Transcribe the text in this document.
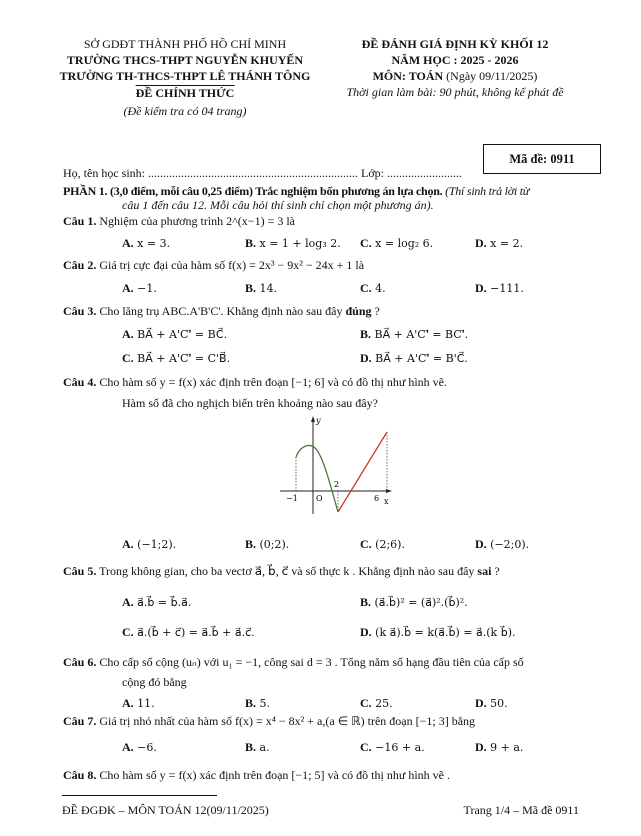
SỞ GDĐT THÀNH PHỐ HỒ CHÍ MINH
TRƯỜNG THCS-THPT NGUYỄN KHUYẾN
TRƯỜNG TH-THCS-THPT LÊ THÁNH TÔNG
ĐỀ CHÍNH THỨC
(Đề kiểm tra có 04 trang)
ĐỀ ĐÁNH GIÁ ĐỊNH KỲ KHỐI 12
NĂM HỌC : 2025 - 2026
MÔN: TOÁN (Ngày 09/11/2025)
Thời gian làm bài: 90 phút, không kể phát đề
Mã đề: 0911
Họ, tên học sinh: ...................................................................... Lớp: .........................
PHẦN 1. (3,0 điểm, mỗi câu 0,25 điểm) Trắc nghiệm bốn phương án lựa chọn. (Thí sinh trả lời từ
câu 1 đến câu 12. Mỗi câu hỏi thí sinh chỉ chọn một phương án).
Câu 1. Nghiệm của phương trình 2^(x−1) = 3 là
A. x = 3.	B. x = 1 + log₃ 2. C. x = log₂ 6.	D. x = 2.
Câu 2. Giá trị cực đại của hàm số f(x) = 2x³ − 9x² − 24x + 1 là
A. −1.	B. 14.	C. 4.	D. −111.
Câu 3. Cho lăng trụ ABC.A'B'C'. Khẳng định nào sau đây đúng ?
A. BA⃗ + A'C'⃗ = BC⃗.	B. BA⃗ + A'C'⃗ = BC'⃗.
C. BA⃗ + A'C'⃗ = C'B⃗.	D. BA⃗ + A'C'⃗ = B'C⃗.
Câu 4. Cho hàm số y = f(x) xác định trên đoạn [−1; 6] và có đồ thị như hình vẽ.
Hàm số đã cho nghịch biến trên khoảng nào sau đây?
A. (−1;2).	B. (0;2).	C. (2;6).	D. (−2;0).
Câu 5. Trong không gian, cho ba vectơ a⃗, b⃗, c⃗ và số thực k . Khẳng định nào sau đây sai ?
A. a⃗.b⃗ = b⃗.a⃗.	B. (a⃗.b⃗)² = (a⃗)².(b⃗)².
C. a⃗.(b⃗ + c⃗) = a⃗.b⃗ + a⃗.c⃗.	D. (k a⃗).b⃗ = k(a⃗.b⃗) = a⃗.(k b⃗).
Câu 6. Cho cấp số cộng (uₙ) với u₁ = −1, công sai d = 3 . Tổng năm số hạng đầu tiên của cấp số
cộng đó bằng
A. 11.	B. 5.	C. 25.	D. 50.
Câu 7. Giá trị nhỏ nhất của hàm số f(x) = x⁴ − 8x² + a,(a ∈ ℝ) trên đoạn [−1; 3] bằng
A. −6.	B. a.	C. −16 + a.	D. 9 + a.
Câu 8. Cho hàm số y = f(x) xác định trên đoạn [−1; 5] và có đồ thị như hình vẽ .
y
x
O
−1
2
6
ĐỀ ĐGĐK – MÔN TOÁN 12(09/11/2025)	Trang 1/4 – Mã đề 0911
